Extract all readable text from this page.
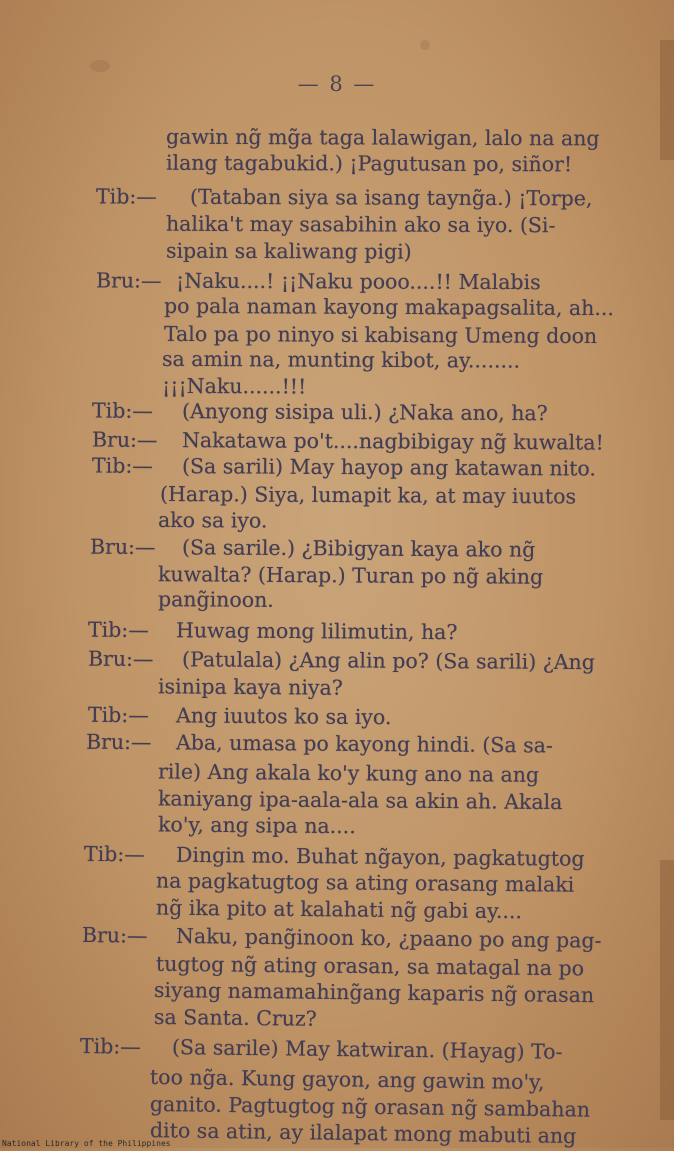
— 8 —
gawin ng̃ mg̃a taga lalawigan, lalo na ang
ilang tagabukid.) ¡Pagutusan po, siñor!
Tib:— (Tataban siya sa isang tayng̃a.) ¡Torpe,
halika't may sasabihin ako sa iyo. (Si-
sipain sa kaliwang pigi)
Bru:— ¡Naku....! ¡¡Naku pooo....!! Malabis
po pala naman kayong makapagsalita, ah...
Talo pa po ninyo si kabisang Umeng doon
sa amin na, munting kibot, ay........
¡¡¡Naku......!!!
Tib:— (Anyong sisipa uli.) ¿Naka ano, ha?
Bru:— Nakatawa po't....nagbibigay ng̃ kuwalta!
Tib:— (Sa sarili) May hayop ang katawan nito.
(Harap.) Siya, lumapit ka, at may iuutos
ako sa iyo.
Bru:— (Sa sarile.) ¿Bibigyan kaya ako ng̃
kuwalta? (Harap.) Turan po ng̃ aking
pang̃inoon.
Tib:— Huwag mong lilimutin, ha?
Bru:— (Patulala) ¿Ang alin po? (Sa sarili) ¿Ang
isinipa kaya niya?
Tib:— Ang iuutos ko sa iyo.
Bru:— Aba, umasa po kayong hindi. (Sa sa-
rile) Ang akala ko'y kung ano na ang
kaniyang ipa-aala-ala sa akin ah. Akala
ko'y, ang sipa na....
Tib:— Dingin mo. Buhat ng̃ayon, pagkatugtog
na pagkatugtog sa ating orasang malaki
ng̃ ika pito at kalahati ng̃ gabi ay....
Bru:— Naku, pang̃inoon ko, ¿paano po ang pag-
tugtog ng̃ ating orasan, sa matagal na po
siyang namamahing̃ang kaparis ng̃ orasan
sa Santa. Cruz?
Tib:— (Sa sarile) May katwiran. (Hayag) To-
too ng̃a. Kung gayon, ang gawin mo'y,
ganito. Pagtugtog ng̃ orasan ng̃ sambahan
dito sa atin, ay ilalapat mong mabuti ang
National Library of the Philippines
